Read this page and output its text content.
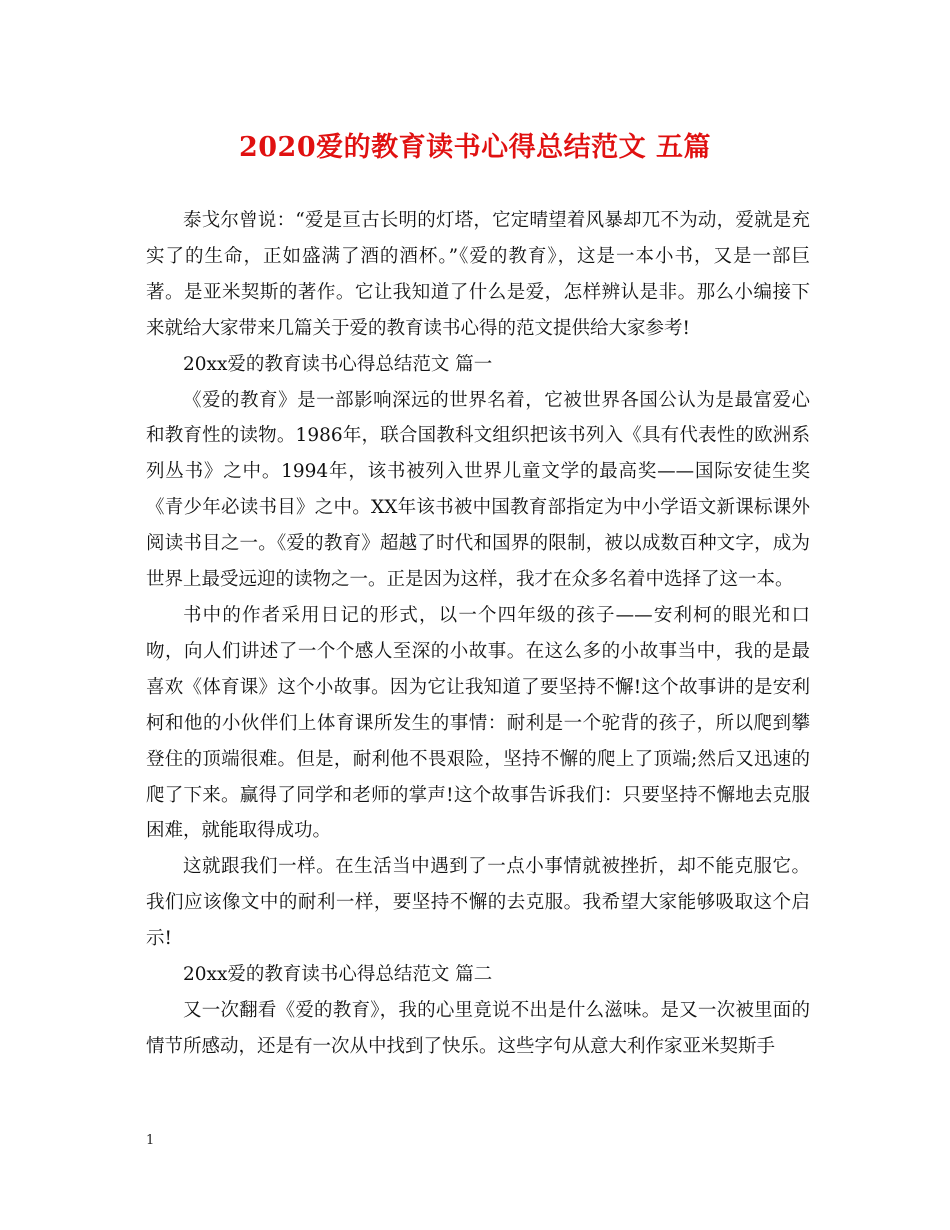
2020爱的教育读书心得总结范文 五篇

泰戈尔曾说：“爱是亘古长明的灯塔，它定晴望着风暴却兀不为动，爱就是充实了的生命，正如盛满了酒的酒杯。”《爱的教育》，这是一本小书，又是一部巨著。是亚米契斯的著作。它让我知道了什么是爱，怎样辨认是非。那么小编接下来就给大家带来几篇关于爱的教育读书心得的范文提供给大家参考!

20xx爱的教育读书心得总结范文 篇一

《爱的教育》是一部影响深远的世界名着，它被世界各国公认为是最富爱心和教育性的读物。1986年，联合国教科文组织把该书列入《具有代表性的欧洲系列丛书》之中。1994年，该书被列入世界儿童文学的最高奖——国际安徒生奖《青少年必读书目》之中。XX年该书被中国教育部指定为中小学语文新课标课外阅读书目之一。《爱的教育》超越了时代和国界的限制，被以成数百种文字，成为世界上最受远迎的读物之一。正是因为这样，我才在众多名着中选择了这一本。

书中的作者采用日记的形式，以一个四年级的孩子——安利柯的眼光和口吻，向人们讲述了一个个感人至深的小故事。在这么多的小故事当中，我的是最喜欢《体育课》这个小故事。因为它让我知道了要坚持不懈!这个故事讲的是安利柯和他的小伙伴们上体育课所发生的事情：耐利是一个驼背的孩子，所以爬到攀登住的顶端很难。但是，耐利他不畏艰险，坚持不懈的爬上了顶端;然后又迅速的爬了下来。赢得了同学和老师的掌声!这个故事告诉我们：只要坚持不懈地去克服困难，就能取得成功。

这就跟我们一样。在生活当中遇到了一点小事情就被挫折，却不能克服它。我们应该像文中的耐利一样，要坚持不懈的去克服。我希望大家能够吸取这个启示!

20xx爱的教育读书心得总结范文 篇二

又一次翻看《爱的教育》，我的心里竟说不出是什么滋味。是又一次被里面的情节所感动，还是有一次从中找到了快乐。这些字句从意大利作家亚米契斯手

1
